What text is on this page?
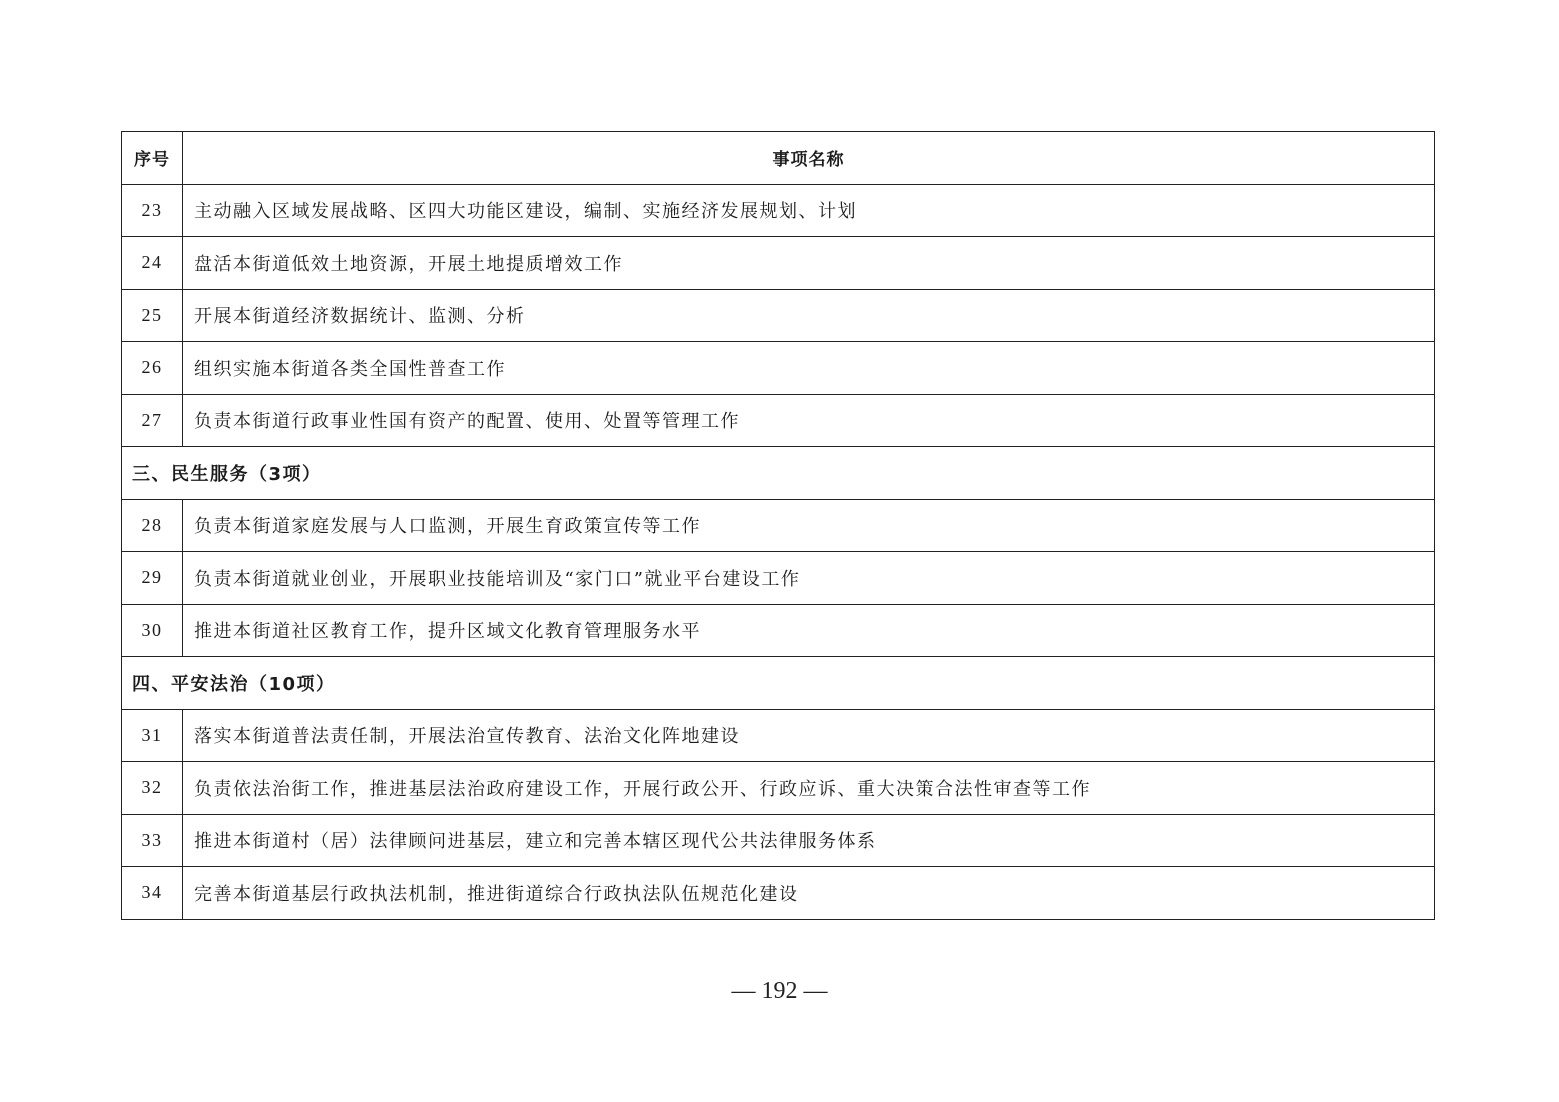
序号	事项名称
23	主动融入区域发展战略、区四大功能区建设，编制、实施经济发展规划、计划
24	盘活本街道低效土地资源，开展土地提质增效工作
25	开展本街道经济数据统计、监测、分析
26	组织实施本街道各类全国性普查工作
27	负责本街道行政事业性国有资产的配置、使用、处置等管理工作
三、民生服务（3项）	
28	负责本街道家庭发展与人口监测，开展生育政策宣传等工作
29	负责本街道就业创业，开展职业技能培训及“家门口”就业平台建设工作
30	推进本街道社区教育工作，提升区域文化教育管理服务水平
四、平安法治（10项）	
31	落实本街道普法责任制，开展法治宣传教育、法治文化阵地建设
32	负责依法治街工作，推进基层法治政府建设工作，开展行政公开、行政应诉、重大决策合法性审查等工作
33	推进本街道村（居）法律顾问进基层，建立和完善本辖区现代公共法律服务体系
34	完善本街道基层行政执法机制，推进街道综合行政执法队伍规范化建设
— 192 —
